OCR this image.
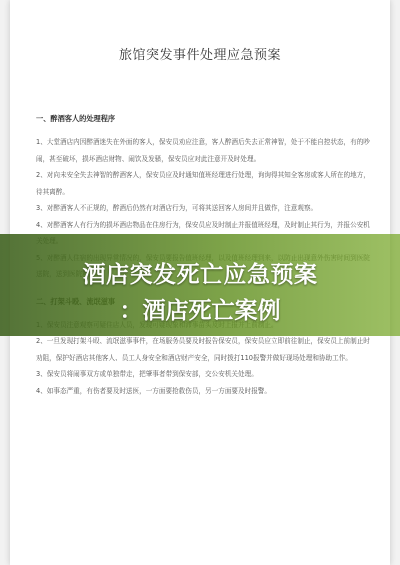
旅馆突发事件处理应急预案
一、醉酒客人的处理程序

1、大堂酒店内因醉酒迷失在外面的客人，保安员劝应注意，客人醉酒后失去正常神智，处于不能自控状态，有的吵闹，甚至破坏，损坏酒店财物、闹饮及发骚，保安员应对此注意开及时处理。

2、对向未安全失去神智的醉酒客人，保安员应及时通知值班经理进行处理，询询得其知全客房或客人所在的地方，待其离醉。

3、对醉酒客人不正规的，醉酒后仍然有对酒店行为，可将其送回客人房间并且做作，注意观察。

4、对醉酒客人有行为的损坏酒店物品在住房行为，保安员应及时制止并报值班经理，及时制止其行为，并报公安机

2、一旦发现打架斗殴、流氓滋事事件，在场服务员要及时报告保安员，保安员应立即前往制止，保安员上前制止时劝阻，保护好酒店其他客人、员工人身安全和酒店财产安全，同时拨打110报警并做好现场处理和协助工作。

3、保安员将闹事双方或单独带走，把肇事者带到保安部，交公安机关处理。

4、如事态严重，有伤者要及时送医，一方面要抢救伤员，另一方面要及时报警。

酒店突发死亡应急预案
：酒店死亡案例
